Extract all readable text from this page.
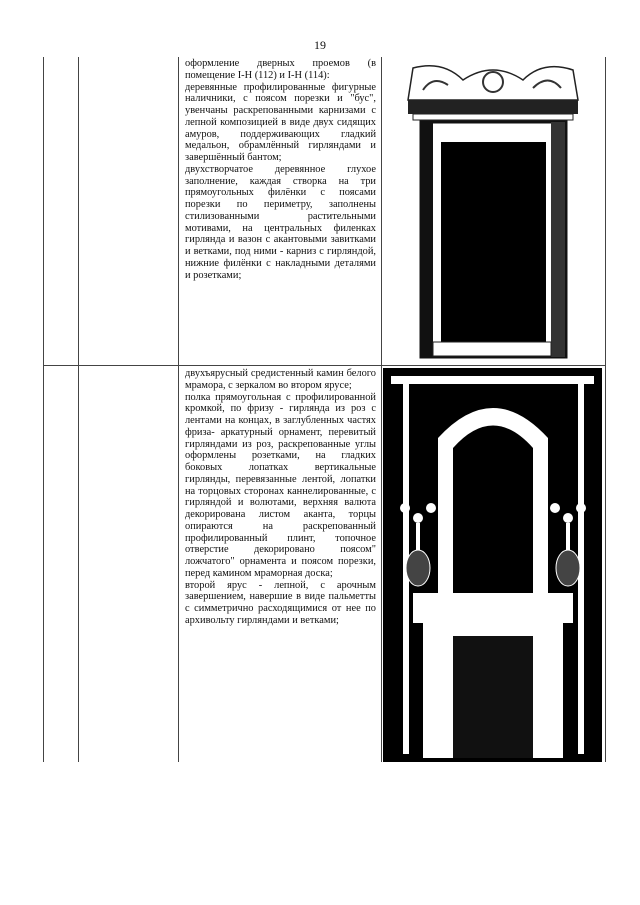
19

оформление дверных проемов (в помещение I-Н (112) и I-Н (114):

деревянные профилированные фигурные наличники, с поясом порезки и "бус", увенчаны раскрепованными карнизами с лепной композицией в виде двух сидящих амуров, поддерживающих гладкий медальон, обрамлённый гирляндами и завершённый бантом;

двухстворчатое деревянное глухое заполнение, каждая створка на три прямоугольных филёнки с поясами порезки по периметру, заполнены стилизованными растительными мотивами, на центральных филенках гирлянда и вазон с акантовыми завитками и ветками, под ними - карниз с гирляндой, нижние филёнки с накладными деталями и розетками;

двухъярусный средистенный камин белого мрамора, с зеркалом во втором ярусе;

полка прямоугольная с профилированной кромкой, по фризу - гирлянда из роз с лентами на концах, в заглубленных частях фриза- аркатурный орнамент, перевитый гирляндами из роз, раскрепованные углы оформлены розетками, на гладких боковых лопатках вертикальные гирлянды, перевязанные лентой, лопатки на торцовых сторонах каннелированные, с гирляндой и волютами, верхняя валюта декорирована листом аканта, торцы опираются на раскрепованный профилированный плинт, топочное отверстие декорировано поясом" ложчатого" орнамента и поясом порезки, перед камином мраморная доска;

второй ярус - лепной, с арочным завершением, навершие в виде пальметты с симметрично расходящимися от нее по архивольту гирляндами и ветками;
